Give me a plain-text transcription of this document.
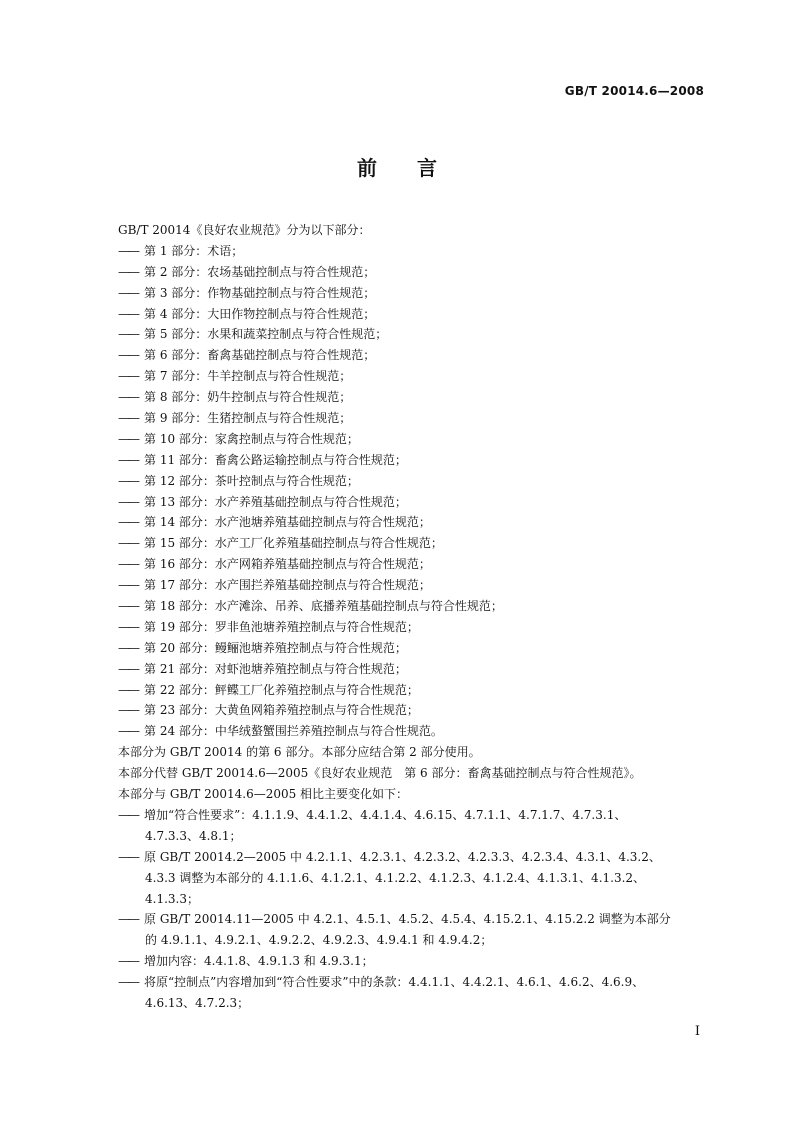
GB/T 20014.6—2008
前言
GB/T 20014《良好农业规范》分为以下部分：
—— 第 1 部分：术语；
—— 第 2 部分：农场基础控制点与符合性规范；
—— 第 3 部分：作物基础控制点与符合性规范；
—— 第 4 部分：大田作物控制点与符合性规范；
—— 第 5 部分：水果和蔬菜控制点与符合性规范；
—— 第 6 部分：畜禽基础控制点与符合性规范；
—— 第 7 部分：牛羊控制点与符合性规范；
—— 第 8 部分：奶牛控制点与符合性规范；
—— 第 9 部分：生猪控制点与符合性规范；
—— 第 10 部分：家禽控制点与符合性规范；
—— 第 11 部分：畜禽公路运输控制点与符合性规范；
—— 第 12 部分：茶叶控制点与符合性规范；
—— 第 13 部分：水产养殖基础控制点与符合性规范；
—— 第 14 部分：水产池塘养殖基础控制点与符合性规范；
—— 第 15 部分：水产工厂化养殖基础控制点与符合性规范；
—— 第 16 部分：水产网箱养殖基础控制点与符合性规范；
—— 第 17 部分：水产围拦养殖基础控制点与符合性规范；
—— 第 18 部分：水产滩涂、吊养、底播养殖基础控制点与符合性规范；
—— 第 19 部分：罗非鱼池塘养殖控制点与符合性规范；
—— 第 20 部分：鳗鲡池塘养殖控制点与符合性规范；
—— 第 21 部分：对虾池塘养殖控制点与符合性规范；
—— 第 22 部分：鲆鲽工厂化养殖控制点与符合性规范；
—— 第 23 部分：大黄鱼网箱养殖控制点与符合性规范；
—— 第 24 部分：中华绒螯蟹围拦养殖控制点与符合性规范。
本部分为 GB/T 20014 的第 6 部分。本部分应结合第 2 部分使用。
本部分代替 GB/T 20014.6—2005《良好农业规范　第 6 部分：畜禽基础控制点与符合性规范》。
本部分与 GB/T 20014.6—2005 相比主要变化如下：
—— 增加“符合性要求”：4.1.1.9、4.4.1.2、4.4.1.4、4.6.15、4.7.1.1、4.7.1.7、4.7.3.1、
4.7.3.3、4.8.1；
—— 原 GB/T 20014.2—2005 中 4.2.1.1、4.2.3.1、4.2.3.2、4.2.3.3、4.2.3.4、4.3.1、4.3.2、
4.3.3 调整为本部分的 4.1.1.6、4.1.2.1、4.1.2.2、4.1.2.3、4.1.2.4、4.1.3.1、4.1.3.2、
4.1.3.3；
—— 原 GB/T 20014.11—2005 中 4.2.1、4.5.1、4.5.2、4.5.4、4.15.2.1、4.15.2.2 调整为本部分
的 4.9.1.1、4.9.2.1、4.9.2.2、4.9.2.3、4.9.4.1 和 4.9.4.2；
—— 增加内容：4.4.1.8、4.9.1.3 和 4.9.3.1；
—— 将原“控制点”内容增加到“符合性要求”中的条款：4.4.1.1、4.4.2.1、4.6.1、4.6.2、4.6.9、
4.6.13、4.7.2.3；
I
